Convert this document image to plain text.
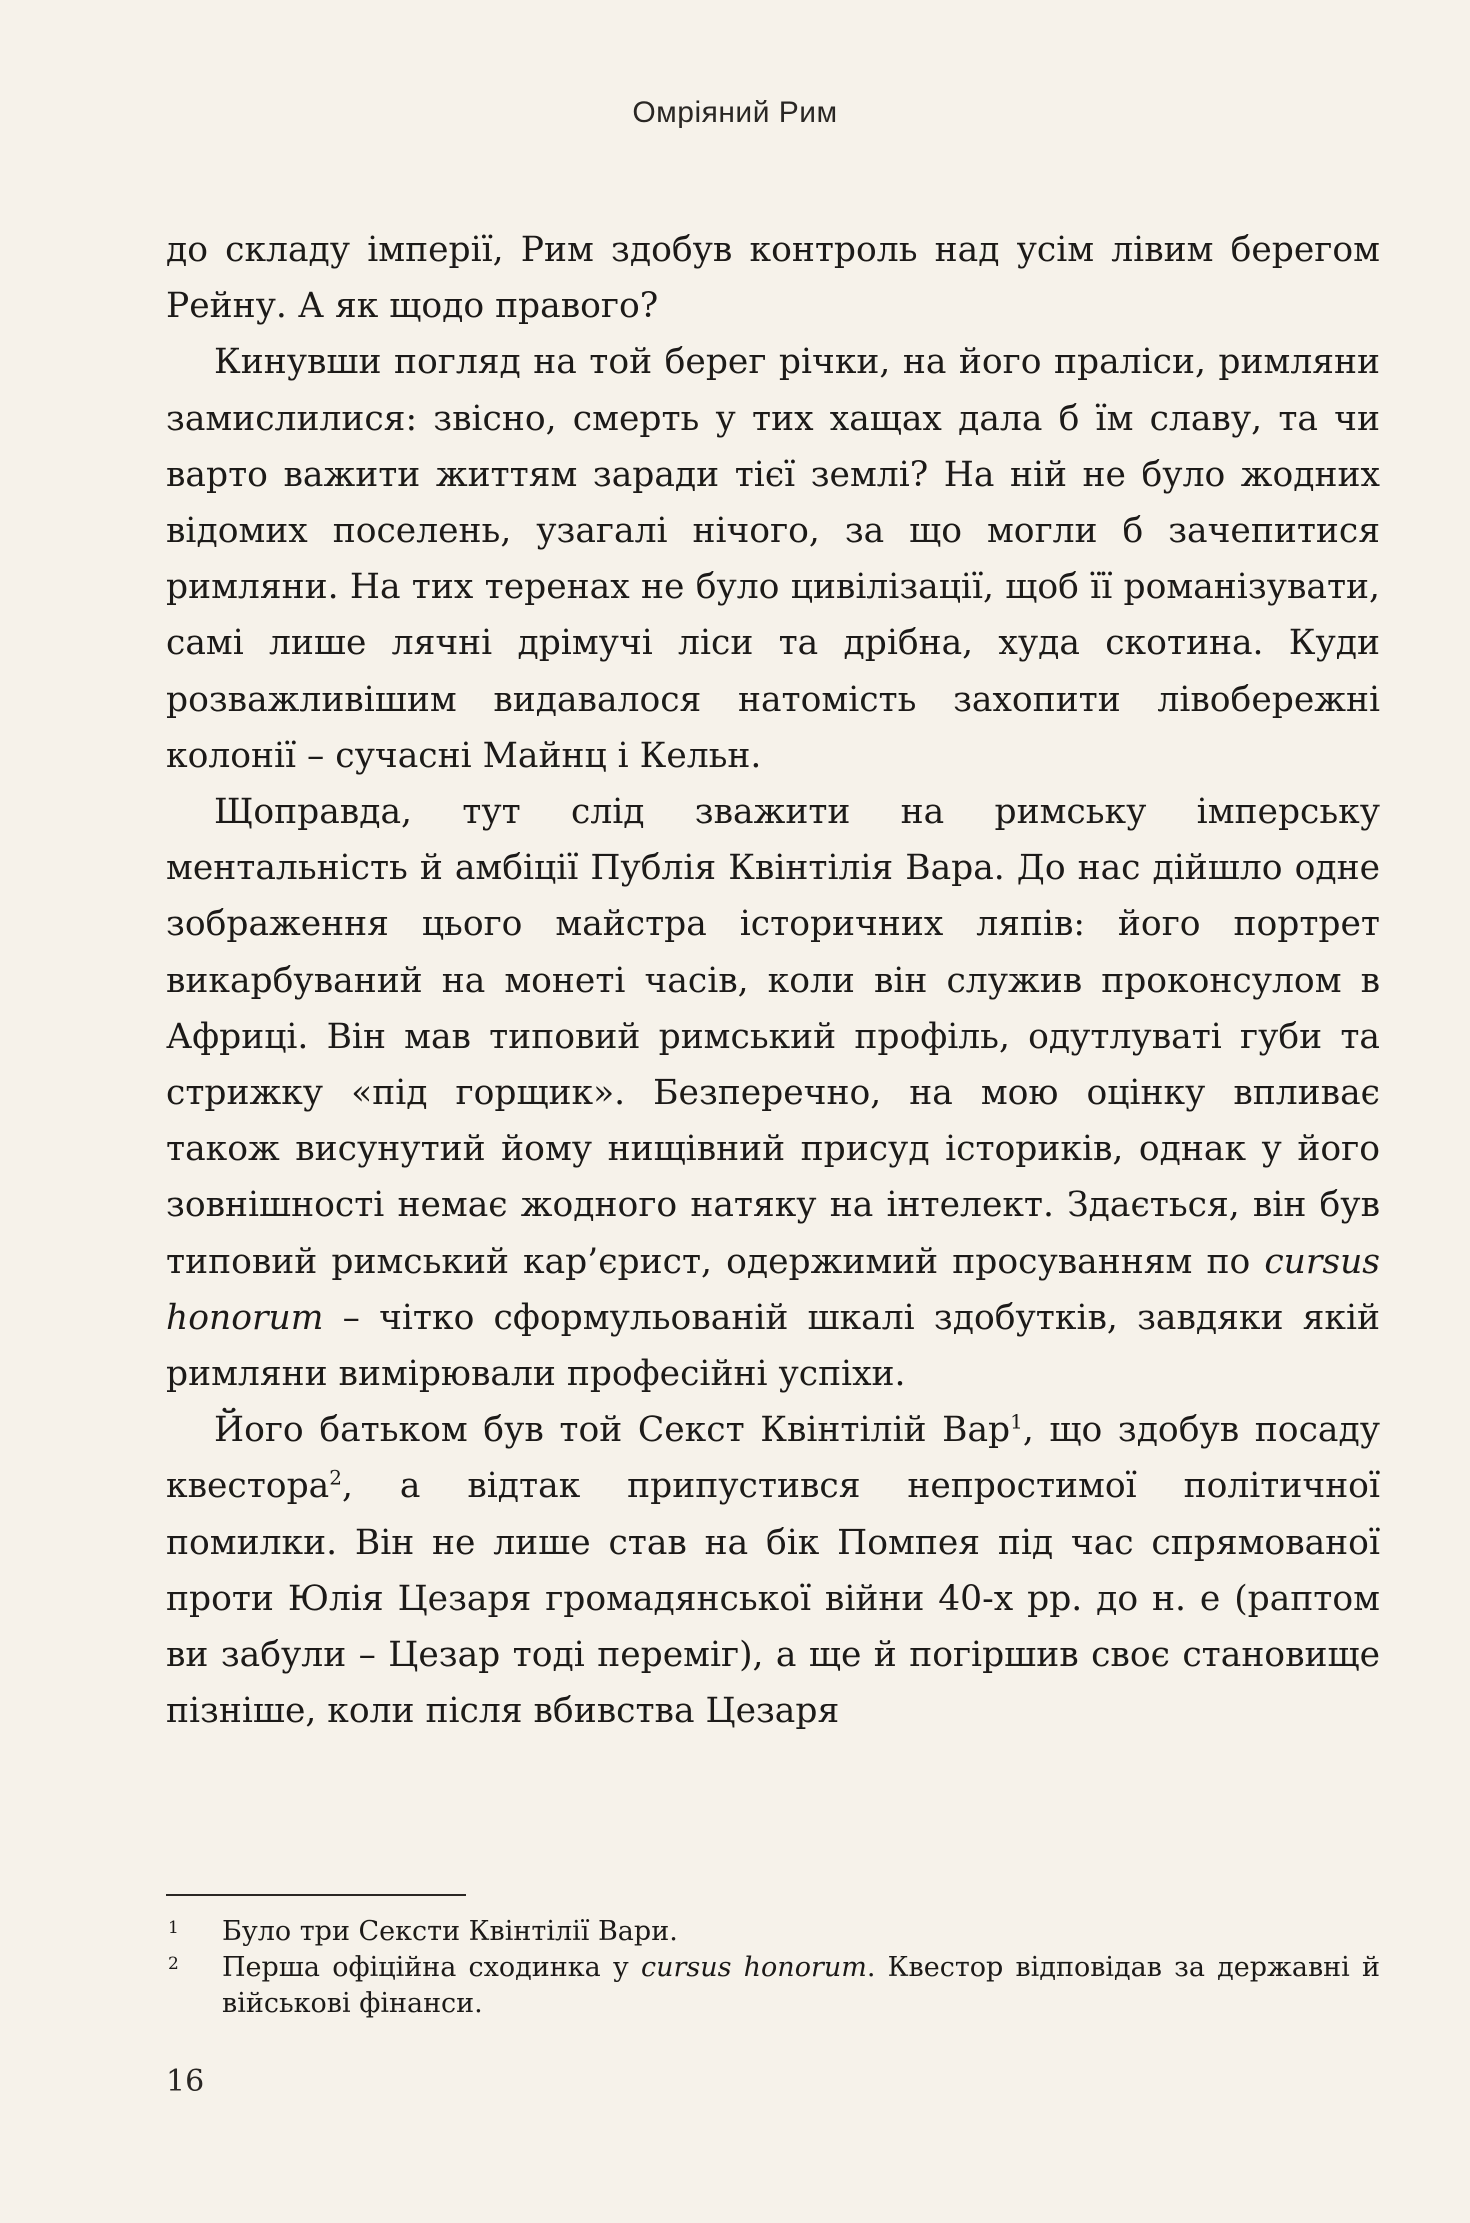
Омріяний Рим

до складу імперії, Рим здобув контроль над усім лівим берегом Рейну. А як щодо правого?

Кинувши погляд на той берег річки, на його праліси, римляни замислилися: звісно, смерть у тих хащах дала б їм славу, та чи варто важити життям заради тієї землі? На ній не було жодних відомих поселень, узагалі нічого, за що могли б зачепитися римляни. На тих теренах не було цивілізації, щоб її романізувати, самі лише лячні дрімучі ліси та дрібна, худа скотина. Куди розважливішим видавалося натомість захопити лівобережні колонії – сучасні Майнц і Кельн.

Щоправда, тут слід зважити на римську імперську ментальність й амбіції Публія Квінтілія Вара. До нас дійшло одне зображення цього майстра історичних ляпів: його портрет викарбуваний на монеті часів, коли він служив проконсулом в Африці. Він мав типовий римський профіль, одутлуваті губи та стрижку «під горщик». Безперечно, на мою оцінку впливає також висунутий йому нищівний присуд істориків, однак у його зовнішності немає жодного натяку на інтелект. Здається, він був типовий римський кар’єрист, одержимий просуванням по cursus honorum – чітко сформульованій шкалі здобутків, завдяки якій римляни вимірювали професійні успіхи.

Його батьком був той Секст Квінтілій Вар$^1$, що здобув посаду квестора$^2$, а відтак припустився непростимої політичної помилки. Він не лише став на бік Помпея під час спрямованої проти Юлія Цезаря громадянської війни 40-х рр. до н. е (раптом ви забули – Цезар тоді переміг), а ще й погіршив своє становище пізніше, коли після вбивства Цезаря

1 Було три Сексти Квінтілії Вари.
2 Перша офіційна сходинка у cursus honorum. Квестор відповідав за державні й військові фінанси.
16
